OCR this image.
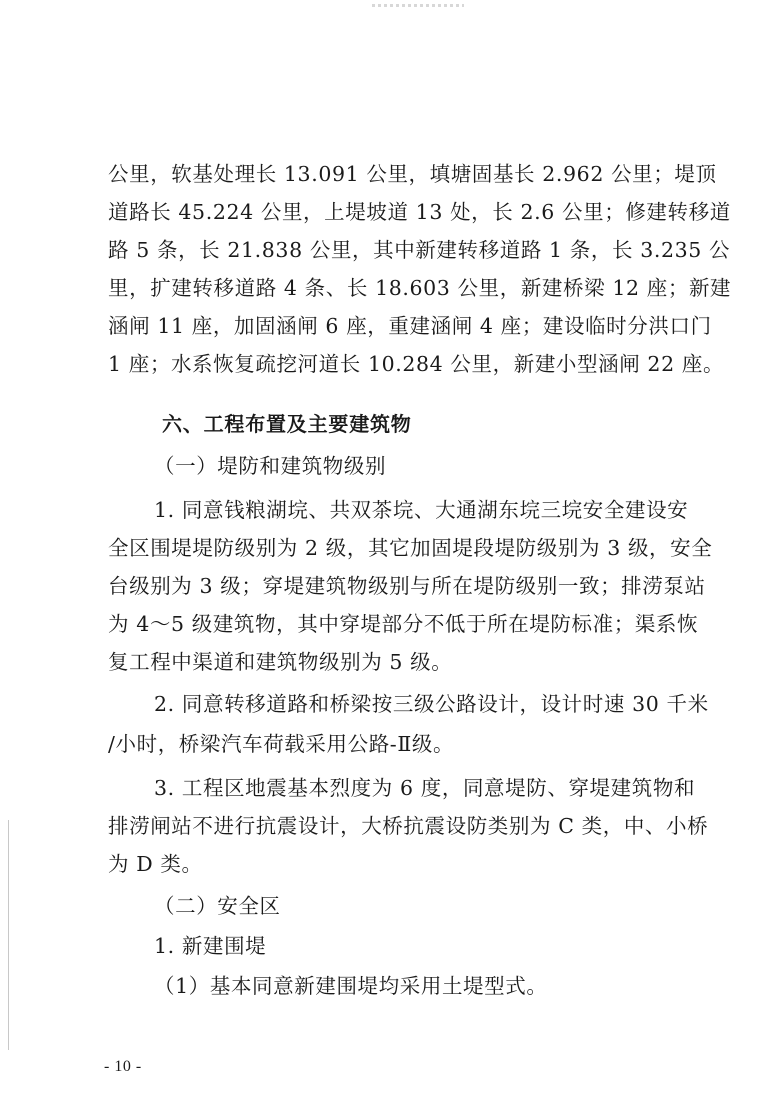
公里，软基处理长 13.091 公里，填塘固基长 2.962 公里；堤顶
道路长 45.224 公里，上堤坡道 13 处，长 2.6 公里；修建转移道
路 5 条，长 21.838 公里，其中新建转移道路 1 条，长 3.235 公
里，扩建转移道路 4 条、长 18.603 公里，新建桥梁 12 座；新建
涵闸 11 座，加固涵闸 6 座，重建涵闸 4 座；建设临时分洪口门
1 座；水系恢复疏挖河道长 10.284 公里，新建小型涵闸 22 座。
六、工程布置及主要建筑物
（一）堤防和建筑物级别
1. 同意钱粮湖垸、共双茶垸、大通湖东垸三垸安全建设安
全区围堤堤防级别为 2 级，其它加固堤段堤防级别为 3 级，安全
台级别为 3 级；穿堤建筑物级别与所在堤防级别一致；排涝泵站
为 4～5 级建筑物，其中穿堤部分不低于所在堤防标准；渠系恢
复工程中渠道和建筑物级别为 5 级。
2. 同意转移道路和桥梁按三级公路设计，设计时速 30 千米
/小时，桥梁汽车荷载采用公路-Ⅱ级。
3. 工程区地震基本烈度为 6 度，同意堤防、穿堤建筑物和
排涝闸站不进行抗震设计，大桥抗震设防类别为 C 类，中、小桥
为 D 类。
（二）安全区
1. 新建围堤
（1）基本同意新建围堤均采用土堤型式。
- 10 -
